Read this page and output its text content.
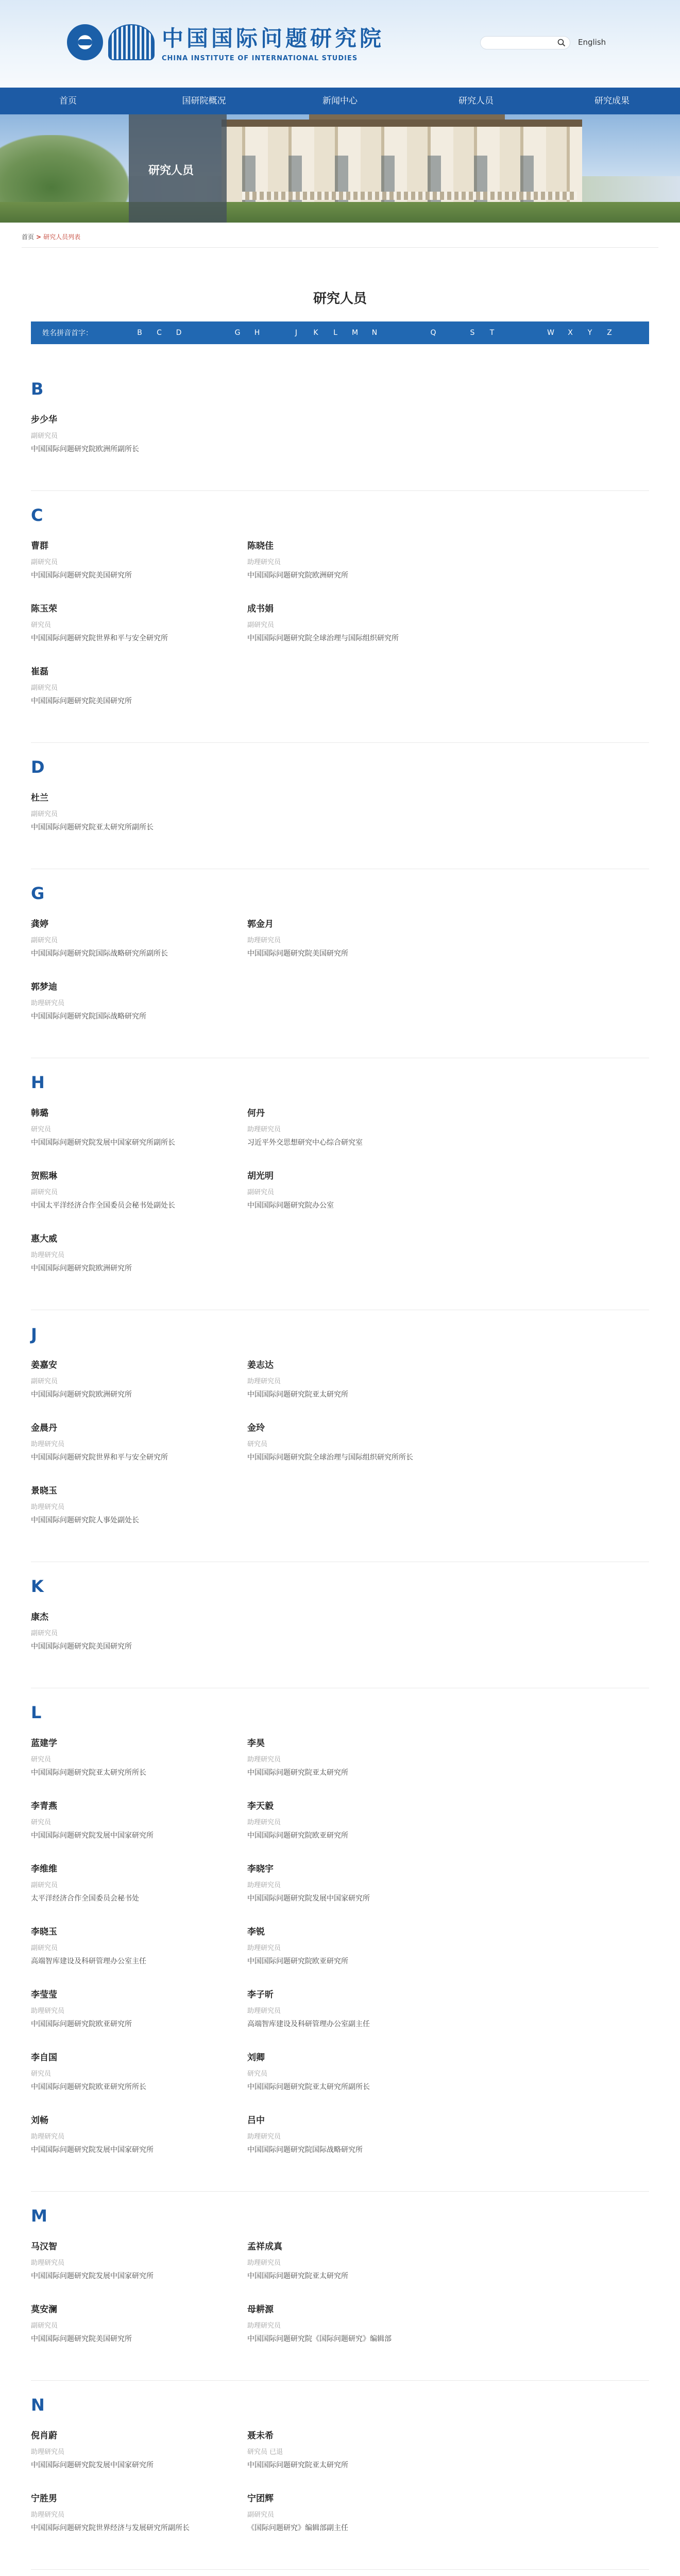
中国国际问题研究院
CHINA INSTITUTE OF INTERNATIONAL STUDIES
English
首页	国研院概况	新闻中心	研究人员	研究成果
研究人员
首页 > 研究人员列表
研究人员
姓名拼音首字：	B	C	D	G	H	J	K	L	M	N	Q	S	T	W	X	Y	Z
B
步少华
副研究员
中国国际问题研究院欧洲所副所长
C
曹群
副研究员
中国国际问题研究院美国研究所
陈晓佳
助理研究员
中国国际问题研究院欧洲研究所
陈玉荣
研究员
中国国际问题研究院世界和平与安全研究所
成书娟
副研究员
中国国际问题研究院全球治理与国际组织研究所
崔磊
副研究员
中国国际问题研究院美国研究所
D
杜兰
副研究员
中国国际问题研究院亚太研究所副所长
G
龚婷
副研究员
中国国际问题研究院国际战略研究所副所长
郭金月
助理研究员
中国国际问题研究院美国研究所
郭梦迪
助理研究员
中国国际问题研究院国际战略研究所
H
韩璐
研究员
中国国际问题研究院发展中国家研究所副所长
何丹
助理研究员
习近平外交思想研究中心综合研究室
贺熙琳
副研究员
中国太平洋经济合作全国委员会秘书处副处长
胡光明
副研究员
中国国际问题研究院办公室
惠大威
助理研究员
中国国际问题研究院欧洲研究所
J
姜嘉安
副研究员
中国国际问题研究院欧洲研究所
姜志达
助理研究员
中国国际问题研究院亚太研究所
金晨丹
助理研究员
中国国际问题研究院世界和平与安全研究所
金玲
研究员
中国国际问题研究院全球治理与国际组织研究所所长
景晓玉
助理研究员
中国国际问题研究院人事处副处长
K
康杰
副研究员
中国国际问题研究院美国研究所
L
蓝建学
研究员
中国国际问题研究院亚太研究所所长
李昊
助理研究员
中国国际问题研究院亚太研究所
李青燕
研究员
中国国际问题研究院发展中国家研究所
李天毅
助理研究员
中国国际问题研究院欧亚研究所
李维维
副研究员
太平洋经济合作全国委员会秘书处
李晓宇
助理研究员
中国国际问题研究院发展中国家研究所
李晓玉
副研究员
高端智库建设及科研管理办公室主任
李锐
助理研究员
中国国际问题研究院欧亚研究所
李莹莹
助理研究员
中国国际问题研究院欧亚研究所
李子昕
助理研究员
高端智库建设及科研管理办公室副主任
李自国
研究员
中国国际问题研究院欧亚研究所所长
刘卿
研究员
中国国际问题研究院亚太研究所副所长
刘畅
助理研究员
中国国际问题研究院发展中国家研究所
吕中
助理研究员
中国国际问题研究院国际战略研究所
M
马汉智
助理研究员
中国国际问题研究院发展中国家研究所
孟祥成真
助理研究员
中国国际问题研究院亚太研究所
莫安澜
副研究员
中国国际问题研究院美国研究所
母耕源
助理研究员
中国国际问题研究院《国际问题研究》编辑部
N
倪肖蔚
助理研究员
中国国际问题研究院发展中国家研究所
聂未希
研究员 已退
中国国际问题研究院亚太研究所
宁胜男
助理研究员
中国国际问题研究院世界经济与发展研究所副所长
宁团辉
副研究员
《国际问题研究》编辑部副主任
